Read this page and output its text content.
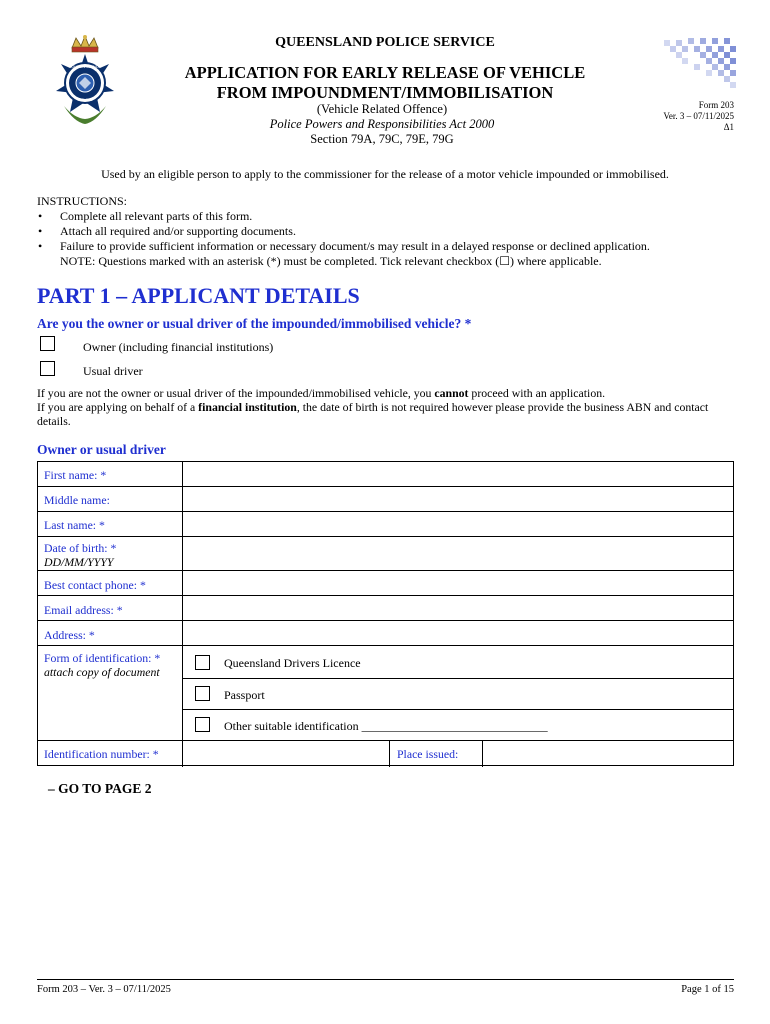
QUEENSLAND
POLICE
QUEENSLAND POLICE SERVICE
APPLICATION FOR EARLY RELEASE OF VEHICLE
FROM IMPOUNDMENT/IMMOBILISATION
(Vehicle Related Offence)
Police Powers and Responsibilities Act 2000
Section 79A, 79C, 79E, 79G
Form 203
Ver. 3 – 07/11/2025
Δ1
Used by an eligible person to apply to the commissioner for the release of a motor vehicle impounded or immobilised.
INSTRUCTIONS:
• Complete all relevant parts of this form.
• Attach all required and/or supporting documents.
• Failure to provide sufficient information or necessary document/s may result in a delayed response or declined application.
NOTE: Questions marked with an asterisk (*) must be completed. Tick relevant checkbox (☐) where applicable.
PART 1 – APPLICANT DETAILS
Are you the owner or usual driver of the impounded/immobilised vehicle? *
Owner (including financial institutions)
Usual driver
If you are not the owner or usual driver of the impounded/immobilised vehicle, you cannot proceed with an application.
If you are applying on behalf of a financial institution, the date of birth is not required however please provide the business ABN and contact details.
Owner or usual driver
First name: *
Middle name:
Last name: *
Date of birth: *
DD/MM/YYYY
Best contact phone: *
Email address: *
Address: *
Form of identification: *
attach copy of document
Queensland Drivers Licence
Passport
Other suitable identification _______________________________
Identification number: *	Place issued:
– GO TO PAGE 2
Form 203 – Ver. 3 – 07/11/2025	Page 1 of 15
